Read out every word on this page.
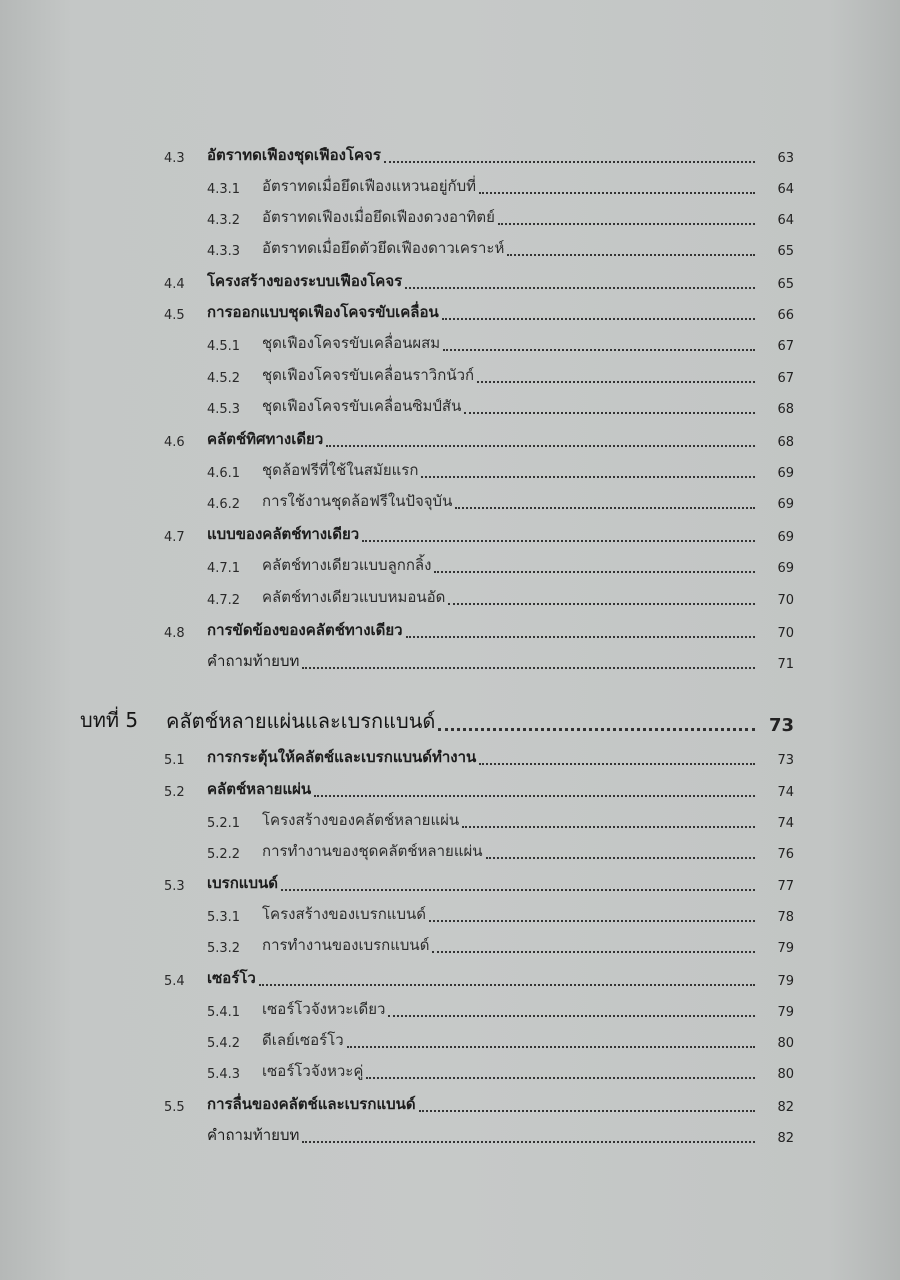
4.3 อัตราทดเฟืองชุดเฟืองโคจร	63
4.3.1 อัตราทดเมื่อยึดเฟืองแหวนอยู่กับที่	64
4.3.2 อัตราทดเฟืองเมื่อยึดเฟืองดวงอาทิตย์	64
4.3.3 อัตราทดเมื่อยึดตัวยึดเฟืองดาวเคราะห์	65
4.4 โครงสร้างของระบบเฟืองโคจร	65
4.5 การออกแบบชุดเฟืองโคจรขับเคลื่อน	66
4.5.1 ชุดเฟืองโคจรขับเคลื่อนผสม	67
4.5.2 ชุดเฟืองโคจรขับเคลื่อนราวิกนัวก์	67
4.5.3 ชุดเฟืองโคจรขับเคลื่อนซิมป์สัน	68
4.6 คลัตช์ทิศทางเดียว	68
4.6.1 ชุดล้อฟรีที่ใช้ในสมัยแรก	69
4.6.2 การใช้งานชุดล้อฟรีในปัจจุบัน	69
4.7 แบบของคลัตช์ทางเดียว	69
4.7.1 คลัตช์ทางเดียวแบบลูกกลิ้ง	69
4.7.2 คลัตช์ทางเดียวแบบหมอนอัด	70
4.8 การขัดข้องของคลัตช์ทางเดียว	70
คำถามท้ายบท	71
บทที่ 5 คลัตช์หลายแผ่นและเบรกแบนด์	73
5.1 การกระตุ้นให้คลัตช์และเบรกแบนด์ทำงาน	73
5.2 คลัตช์หลายแผ่น	74
5.2.1 โครงสร้างของคลัตช์หลายแผ่น	74
5.2.2 การทำงานของชุดคลัตช์หลายแผ่น	76
5.3 เบรกแบนด์	77
5.3.1 โครงสร้างของเบรกแบนด์	78
5.3.2 การทำงานของเบรกแบนด์	79
5.4 เซอร์โว	79
5.4.1 เซอร์โวจังหวะเดียว	79
5.4.2 ดีเลย์เซอร์โว	80
5.4.3 เซอร์โวจังหวะคู่	80
5.5 การลื่นของคลัตช์และเบรกแบนด์	82
คำถามท้ายบท	82
